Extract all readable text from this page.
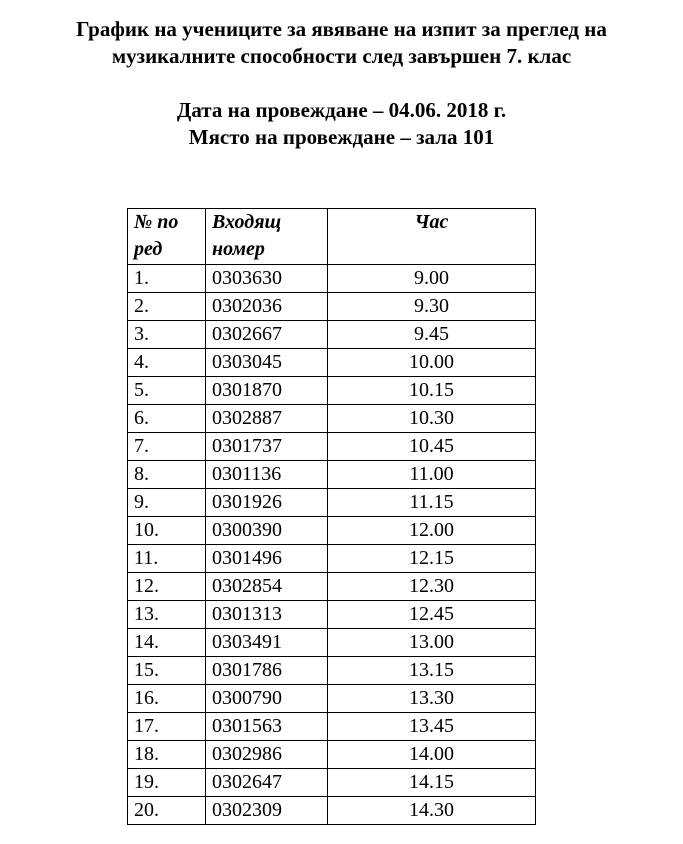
График на учениците за явяване на изпит за преглед на

музикалните способности след завършен 7. клас

Дата на провеждане – 04.06. 2018 г.

Място на провеждане – зала 101

№ по ред	Входящ номер	Час
1.	0303630	9.00
2.	0302036	9.30
3.	0302667	9.45
4.	0303045	10.00
5.	0301870	10.15
6.	0302887	10.30
7.	0301737	10.45
8.	0301136	11.00
9.	0301926	11.15
10.	0300390	12.00
11.	0301496	12.15
12.	0302854	12.30
13.	0301313	12.45
14.	0303491	13.00
15.	0301786	13.15
16.	0300790	13.30
17.	0301563	13.45
18.	0302986	14.00
19.	0302647	14.15
20.	0302309	14.30
